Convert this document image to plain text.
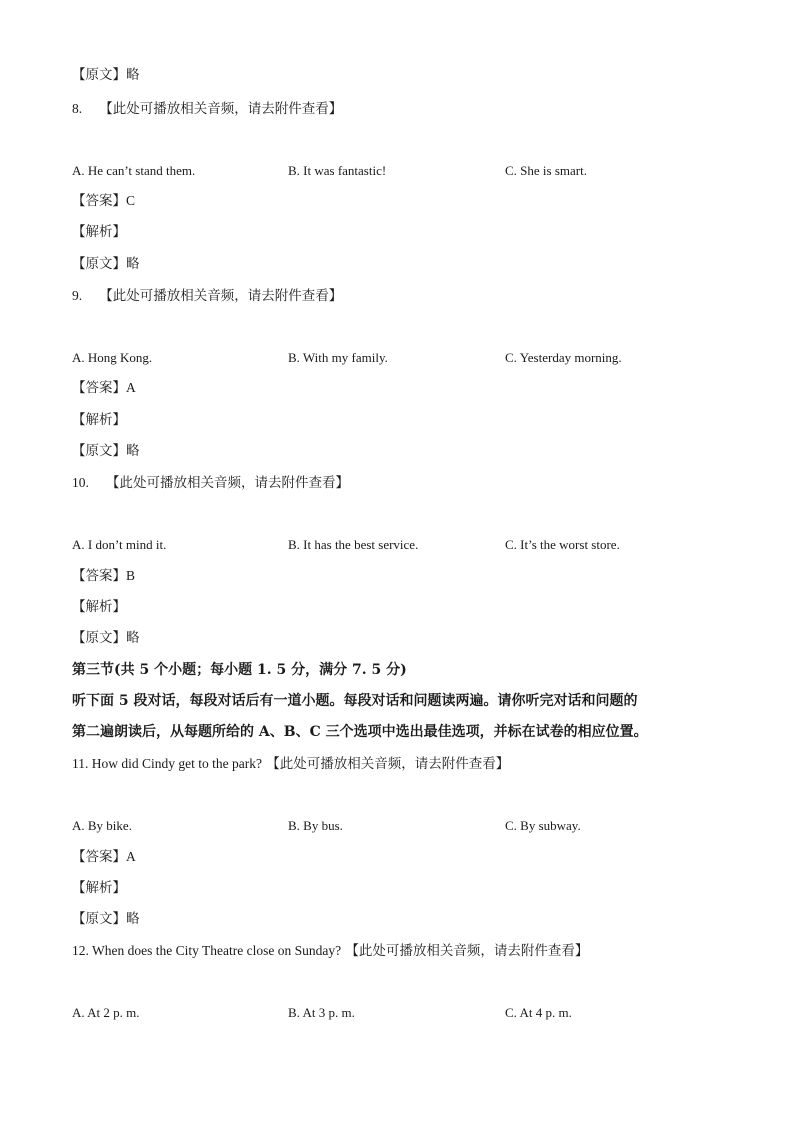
【原文】略
8. 【此处可播放相关音频，请去附件查看】
A. He can’t stand them.	B. It was fantastic!	C. She is smart.
【答案】C
【解析】
【原文】略
9. 【此处可播放相关音频，请去附件查看】
A. Hong Kong.	B. With my family.	C. Yesterday morning.
【答案】A
【解析】
【原文】略
10. 【此处可播放相关音频，请去附件查看】
A. I don’t mind it.	B. It has the best service.	C. It’s the worst store.
【答案】B
【解析】
【原文】略
第三节(共 5 个小题；每小题 1. 5 分，满分 7. 5 分)
听下面 5 段对话，每段对话后有一道小题。每段对话和问题读两遍。请你听完对话和问题的
第二遍朗读后，从每题所给的 A、B、C 三个选项中选出最佳选项，并标在试卷的相应位置。
11. How did Cindy get to the park? 【此处可播放相关音频，请去附件查看】
A. By bike.	B. By bus.	C. By subway.
【答案】A
【解析】
【原文】略
12. When does the City Theatre close on Sunday? 【此处可播放相关音频，请去附件查看】
A. At 2 p. m.	B. At 3 p. m.	C. At 4 p. m.
